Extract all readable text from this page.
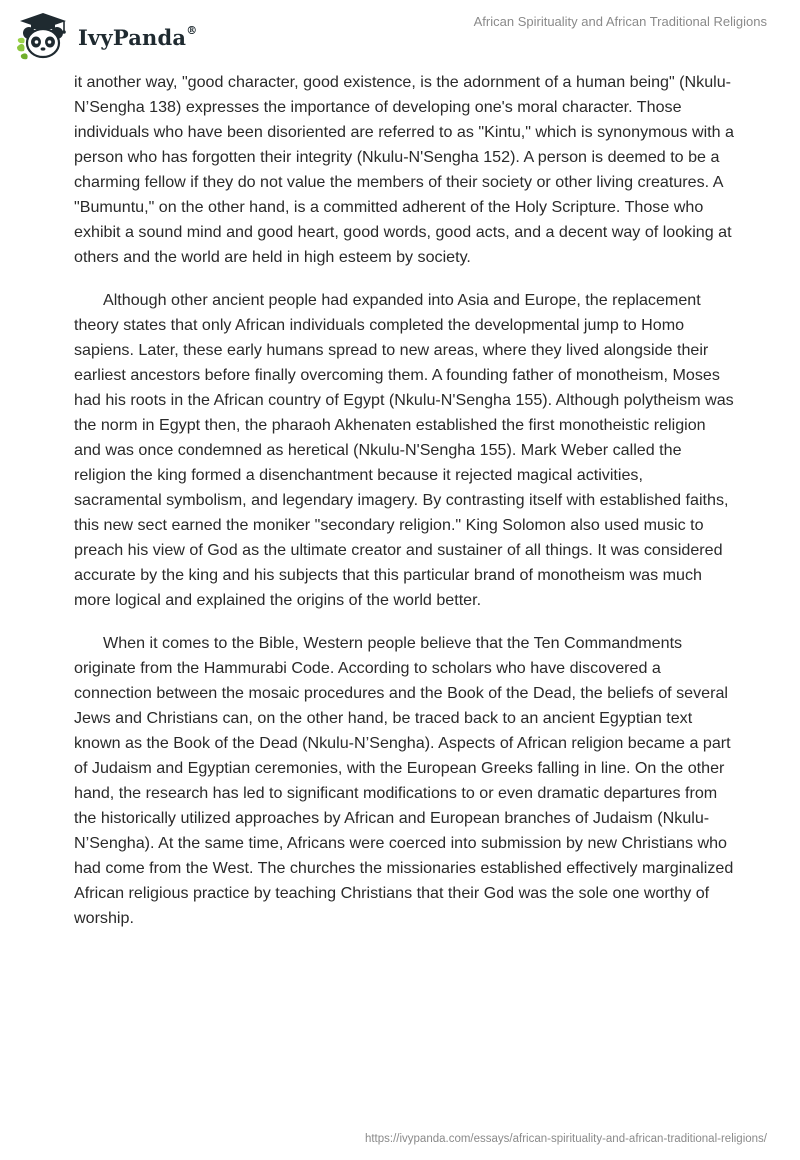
IvyPanda®
African Spirituality and African Traditional Religions

it another way, "good character, good existence, is the adornment of a human being" (Nkulu-N’Sengha 138) expresses the importance of developing one's moral character. Those individuals who have been disoriented are referred to as "Kintu," which is synonymous with a person who has forgotten their integrity (Nkulu-N'Sengha 152). A person is deemed to be a charming fellow if they do not value the members of their society or other living creatures. A "Bumuntu," on the other hand, is a committed adherent of the Holy Scripture. Those who exhibit a sound mind and good heart, good words, good acts, and a decent way of looking at others and the world are held in high esteem by society.

Although other ancient people had expanded into Asia and Europe, the replacement theory states that only African individuals completed the developmental jump to Homo sapiens. Later, these early humans spread to new areas, where they lived alongside their earliest ancestors before finally overcoming them. A founding father of monotheism, Moses had his roots in the African country of Egypt (Nkulu-N'Sengha 155). Although polytheism was the norm in Egypt then, the pharaoh Akhenaten established the first monotheistic religion and was once condemned as heretical (Nkulu-N'Sengha 155). Mark Weber called the religion the king formed a disenchantment because it rejected magical activities, sacramental symbolism, and legendary imagery. By contrasting itself with established faiths, this new sect earned the moniker "secondary religion." King Solomon also used music to preach his view of God as the ultimate creator and sustainer of all things. It was considered accurate by the king and his subjects that this particular brand of monotheism was much more logical and explained the origins of the world better.

When it comes to the Bible, Western people believe that the Ten Commandments originate from the Hammurabi Code. According to scholars who have discovered a connection between the mosaic procedures and the Book of the Dead, the beliefs of several Jews and Christians can, on the other hand, be traced back to an ancient Egyptian text known as the Book of the Dead (Nkulu-N’Sengha). Aspects of African religion became a part of Judaism and Egyptian ceremonies, with the European Greeks falling in line. On the other hand, the research has led to significant modifications to or even dramatic departures from the historically utilized approaches by African and European branches of Judaism (Nkulu-N’Sengha). At the same time, Africans were coerced into submission by new Christians who had come from the West. The churches the missionaries established effectively marginalized African religious practice by teaching Christians that their God was the sole one worthy of worship.

https://ivypanda.com/essays/african-spirituality-and-african-traditional-religions/
